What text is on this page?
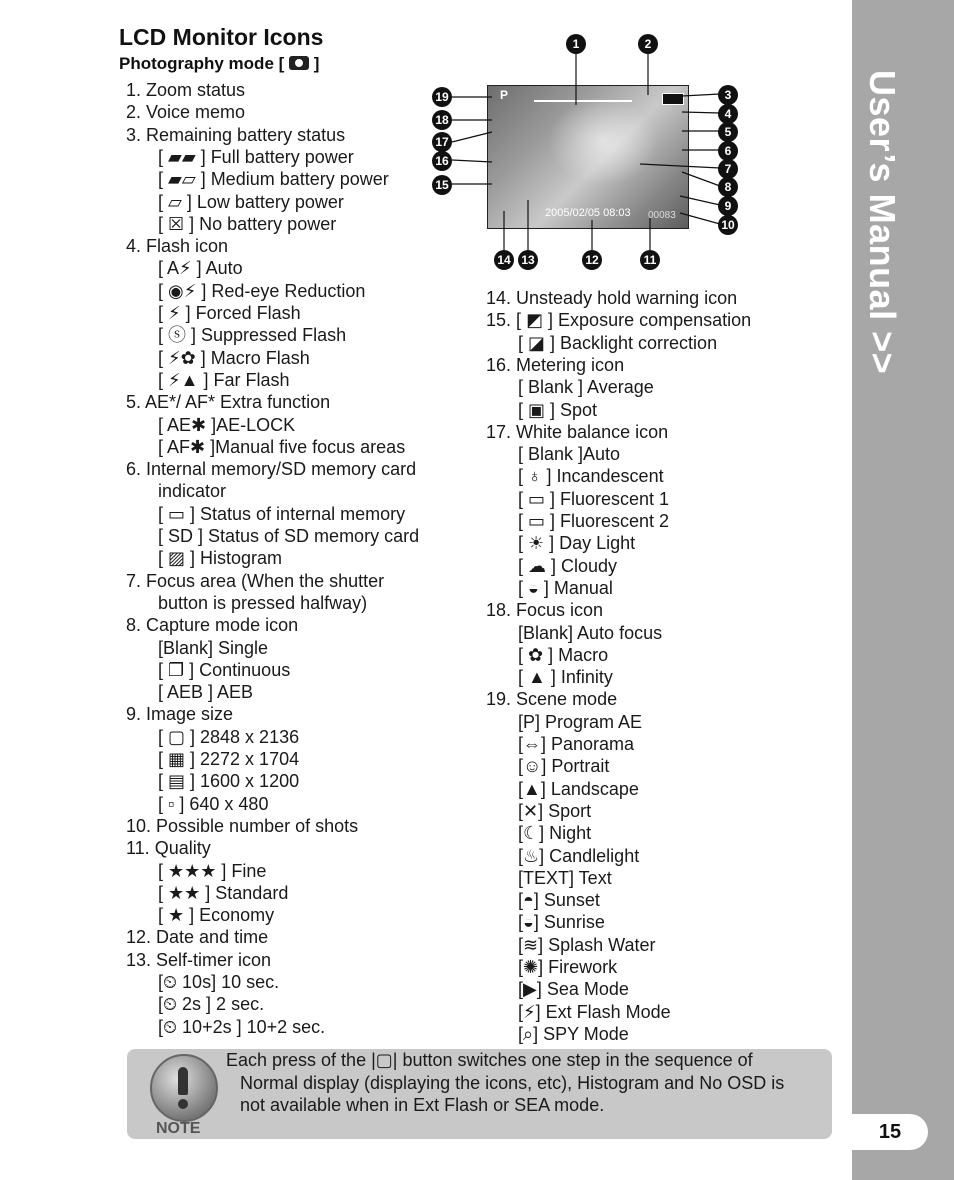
User’s Manual >>
15
LCD Monitor Icons
Photography mode [  ]
1. Zoom status
2. Voice memo
3. Remaining battery status
[ ▰▰ ] Full battery power
[ ▰▱ ] Medium battery power
[ ▱ ] Low battery power
[ ☒ ] No battery power
4. Flash icon
[ A⚡ ] Auto
[ ◉⚡ ] Red-eye Reduction
[ ⚡ ] Forced Flash
[ ⓢ ] Suppressed Flash
[ ⚡✿ ] Macro Flash
[ ⚡▲ ] Far Flash
5. AE*/ AF* Extra function
[ AE✱ ]AE-LOCK
[ AF✱ ]Manual five focus areas
6. Internal memory/SD memory card
indicator
[ ▭ ] Status of internal memory
[ SD ] Status of SD memory card
[ ▨ ] Histogram
7. Focus area (When the shutter
button is pressed halfway)
8. Capture mode icon
[Blank] Single
[ ❐ ] Continuous
[ AEB ] AEB
9. Image size
[ ▢ ] 2848 x 2136
[ ▦ ] 2272 x 1704
[ ▤ ] 1600 x 1200
[ ▫ ] 640 x 480
10. Possible number of shots
11. Quality
[ ★★★ ] Fine
[ ★★ ] Standard
[ ★ ] Economy
12. Date and time
13. Self-timer icon
[⏲ 10s] 10 sec.
[⏲ 2s ] 2 sec.
[⏲ 10+2s ] 10+2 sec.
14. Unsteady hold warning icon
15. [ ◩ ] Exposure compensation
[ ◪ ] Backlight correction
16. Metering icon
[ Blank ] Average
[ ▣ ] Spot
17. White balance icon
[ Blank ]Auto
[ ♁ ] Incandescent
[ ▭ ] Fluorescent 1
[ ▭ ] Fluorescent 2
[ ☀ ] Day Light
[ ☁ ] Cloudy
[ ◒ ] Manual
18. Focus icon
[Blank] Auto focus
[ ✿ ] Macro
[ ▲ ] Infinity
19. Scene mode
[P] Program AE
[⇔] Panorama
[☺] Portrait
[▲] Landscape
[✕] Sport
[☾] Night
[♨] Candlelight
[TEXT] Text
[◓] Sunset
[◒] Sunrise
[≋] Splash Water
[✺] Firework
[▶] Sea Mode
[⚡] Ext Flash Mode
[⌕] SPY Mode
P
00083
2005/02/05 08:03
1	2
19
18
17
16
15
3
4
5
6
7
8
9
10
14 13	12	11
NOTE
Each press of the |▢| button switches one step in the sequence of
Normal display (displaying the icons, etc), Histogram and No OSD is
not available when in Ext Flash or SEA mode.
